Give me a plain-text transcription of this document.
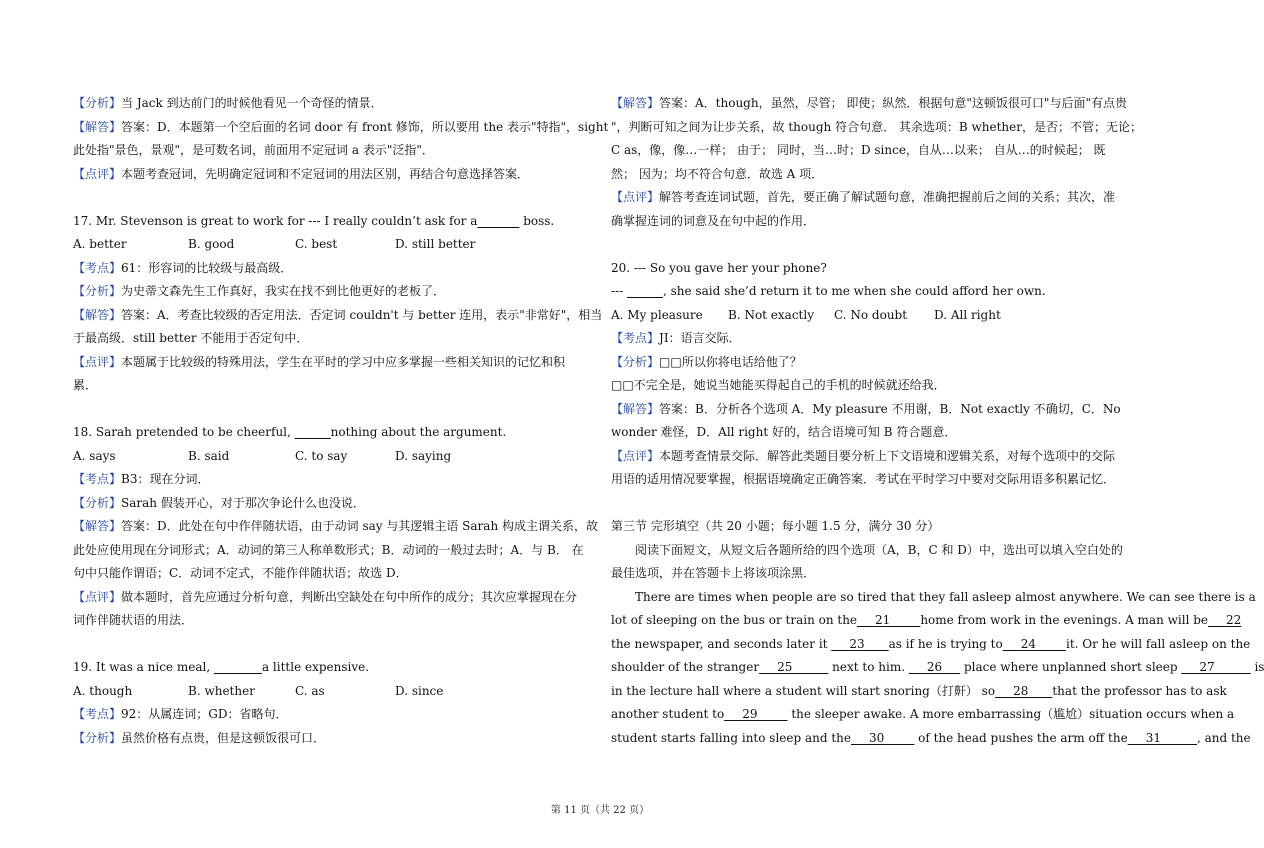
【分析】当 Jack 到达前门的时候他看见一个奇怪的情景．
【解答】答案：D．本题第一个空后面的名词 door 有 front 修饰，所以要用 the 表示"特指"，sight
此处指"景色，景观"，是可数名词，前面用不定冠词 a 表示"泛指"．
【点评】本题考查冠词，先明确定冠词和不定冠词的用法区别，再结合句意选择答案．
17. Mr. Stevenson is great to work for --- I really couldn’t ask for a_______ boss.
A. better	B. good	C. best	D. still better
【考点】61：形容词的比较级与最高级．
【分析】为史蒂文森先生工作真好，我实在找不到比他更好的老板了．
【解答】答案：A．考查比较级的否定用法．否定词 couldn't 与 better 连用，表示"非常好"，相当
于最高级．still better 不能用于否定句中．
【点评】本题属于比较级的特殊用法，学生在平时的学习中应多掌握一些相关知识的记忆和积
累．
18. Sarah pretended to be cheerful, ______nothing about the argument.
A. says	B. said	C. to say	D. saying
【考点】B3：现在分词．
【分析】Sarah 假装开心，对于那次争论什么也没说．
【解答】答案：D．此处在句中作伴随状语，由于动词 say 与其逻辑主语 Sarah 构成主谓关系，故
此处应使用现在分词形式；A．动词的第三人称单数形式；B．动词的一般过去时；A．与 B． 在
句中只能作谓语；C．动词不定式，不能作伴随状语；故选 D．
【点评】做本题时，首先应通过分析句意，判断出空缺处在句中所作的成分；其次应掌握现在分
词作伴随状语的用法．
19. It was a nice meal, ________a little expensive.
A. though	B. whether	C. as	D. since
【考点】92：从属连词；GD：省略句．
【分析】虽然价格有点贵，但是这顿饭很可口．
【解答】答案：A．though，虽然，尽管； 即使；纵然．根据句意"这顿饭很可口"与后面"有点贵
"，判断可知之间为让步关系，故 though 符合句意． 其余选项：B whether，是否；不管；无论；
C as，像，像…一样； 由于； 同时，当…时；D since，自从…以来； 自从…的时候起； 既
然； 因为；均不符合句意．故选 A 项．
【点评】解答考查连词试题，首先，要正确了解试题句意，准确把握前后之间的关系；其次，准
确掌握连词的词意及在句中起的作用．
20. --- So you gave her your phone?
--- ______, she said she’d return it to me when she could afford her own.
A. My pleasure	B. Not exactly	C. No doubt	D. All right
【考点】JI：语言交际．
【分析】□□所以你将电话给他了？
□□不完全是，她说当她能买得起自己的手机的时候就还给我．
【解答】答案：B．分析各个选项 A．My pleasure 不用谢，B．Not exactly 不确切，C．No
wonder 难怪，D．All right 好的，结合语境可知 B 符合题意．
【点评】本题考查情景交际．解答此类题目要分析上下文语境和逻辑关系，对每个选项中的交际
用语的适用情况要掌握，根据语境确定正确答案．考试在平时学习中要对交际用语多积累记忆．
第三节 完形填空（共 20 小题；每小题 1.5 分，满分 30 分）
阅读下面短文，从短文后各题所给的四个选项（A，B，C 和 D）中，选出可以填入空白处的
最佳选项，并在答题卡上将该项涂黑．
There are times when people are so tired that they fall asleep almost anywhere. We can see there is a
lot of sleeping on the bus or train on the___21_____home from work in the evenings. A man will be___22
the newspaper, and seconds later it ___23____as if he is trying to___24_____it. Or he will fall asleep on the
shoulder of the stranger___25______ next to him. ___26___ place where unplanned short sleep ___27______ is
in the lecture hall where a student will start snoring（打鼾） so___28____that the professor has to ask
another student to___29_____ the sleeper awake. A more embarrassing（尴尬）situation occurs when a
student starts falling into sleep and the___30_____ of the head pushes the arm off the___31______, and the
第 11 页（共 22 页）
